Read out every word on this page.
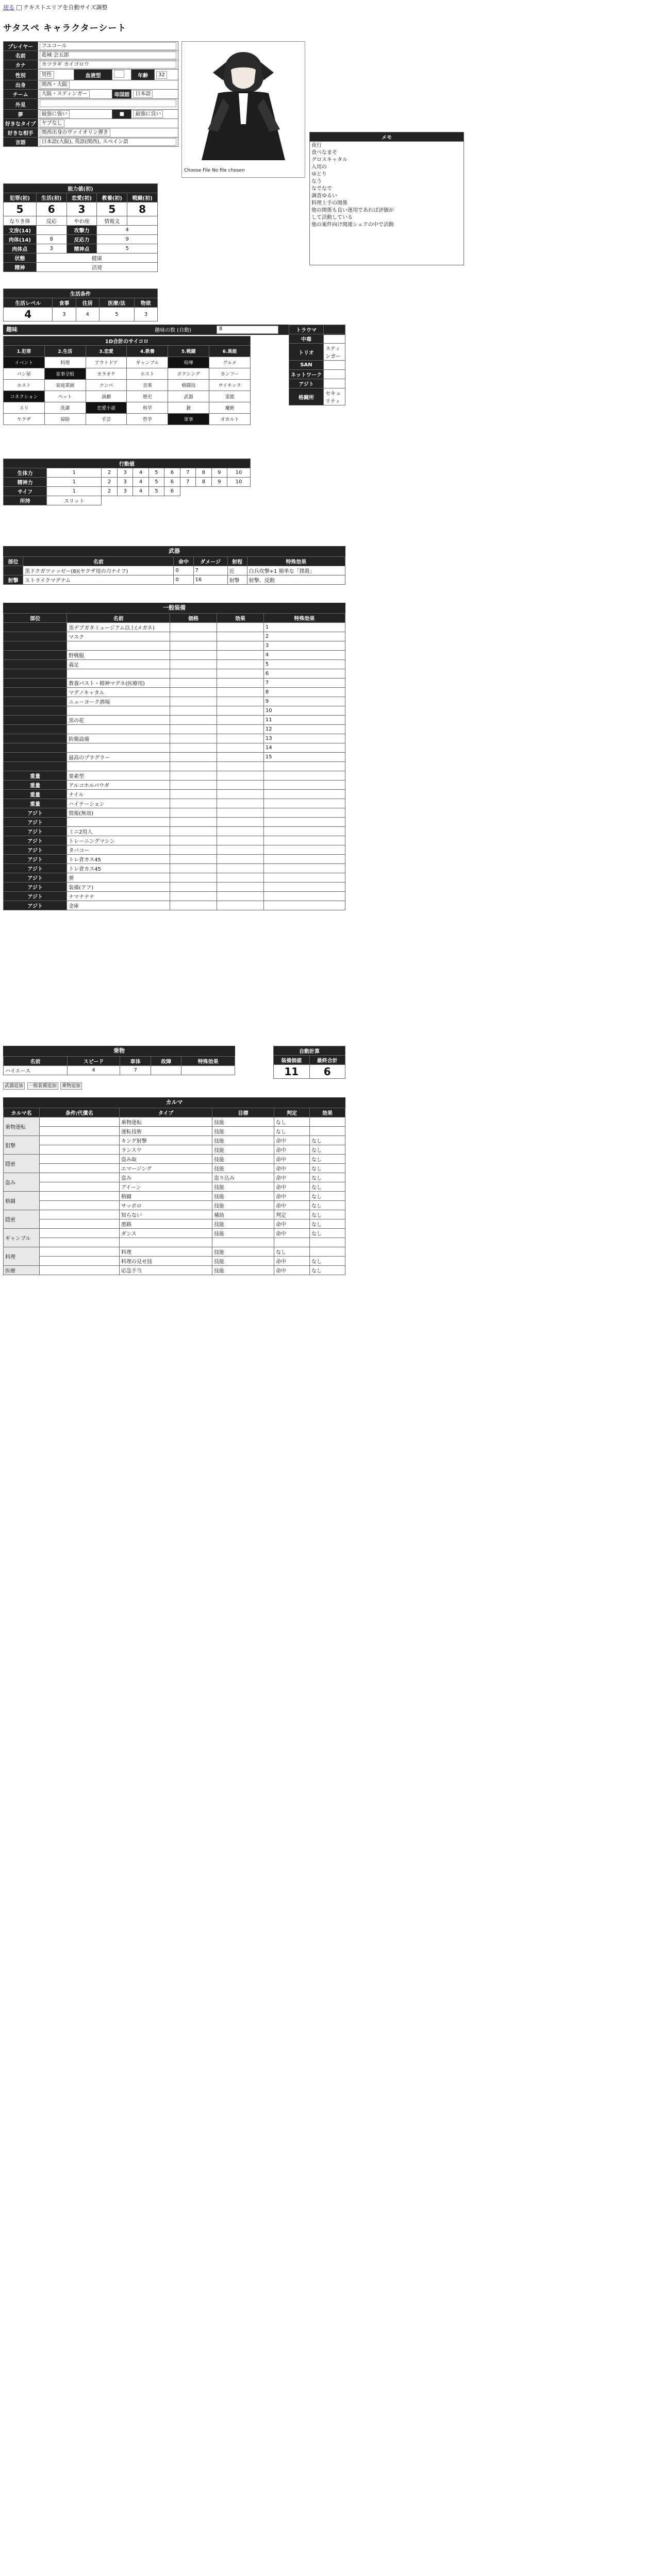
戻る テキストエリアを自動サイズ調整
サタスペ キャラクターシート
プレイヤー	フユコール				
名前	葛城 会五郎				
カナ	カツラギ カイゴロウ				
性別	男性	血液型		年齢	32
出身	関西・大阪				
チーム	大阪・スティンガー		母国語	日本語	
外見					
夢	最強に強い		■	最強に良い	
好きなタイプ	ヤブなし				
好きな相手	関西出身のヴァイオリン弾き				
言語	日本語(大阪), 英語(関西), スペイン語				
Choose File No file chosen
メモ

夜行
食べなまそ
グロスキャタル
入用の
ゆとり
なう
なでなで
調査ゆるい
料理上手の関係
他の関係も良い運用であれば評価が
して活動している
他の案件向け関連シェアの中で活動
能力値(初)				
犯罪(初)	生活(初)	恋愛(初)	教養(初)	戦闘(初)
5	6	3	5	8
なりき体	反応	やわ座	情報文	
文房(14)		攻撃力	4	
肉体(14)	8	反応力	9	
肉体点	3	精神点	5	
状態	健康			
精神	活発			
生活条件				
生活レベル	食事	住居	医療/法	物欲
4	3	4	5	3
趣味	趣味の数 (自動)	8
1D合計のサイコロ					
1.犯罪	2.生活	3.恋愛	4.教養	5.戦闘	6.異能
イベント	料理	アウトドア	ギャンブル	喧嘩	グルメ
パン屋	家事全般	カラオケ	ホスト	ボクシング	カンフー
ホスト	家庭菜園	ナンパ	音楽	格闘技	サイキック
コネクション	ペット	演劇	歴史	武器	霊能
スリ	洗濯	恋愛小説	科学	銃	魔術
ヤクザ	掃除	手芸	哲学	軍事	オカルト
トラウマ	
中毒	
トリオ	スティンガー
SAN	
ネットワーク	
アジト	
格闘所	セキュリティ
行動値										
生体力	1	2	3	4	5	6	7	8	9	10
精神力	1	2	3	4	5	6	7	8	9	10
サイフ	1	2	3	4	5	6				
所持	スリット									
武器
部位	名前	命中	ダメージ	射程	特殊効果
	黒ドクガツァッゼー(8)(ヤクザ用の刀ナイフ)	0	7	近	白兵攻撃+1 簡単な「撲殺」
射撃	ストライクマグナム	0	16	射撃	射撃、反動
一般装備
部位	名前	価格	効果	特殊効果
	黒デブガタミュージアム以上(メガネ)			1
	マスク			2
				3
	野戦服			4
	義足			5
				6
	教養パスト・精神マグネ(医療用)			7
	マグノキャタル			8
	ニューヨーク酒場			9
				10
	黒の花			11
				12
	防衛設備			13
				14
	最高のプラグラー			15

重量	要素型			
重量	アルコホルパウダ			
重量	ナイル			
重量	ハイテーション			
アジト	情報(無効)			
アジト				
アジト	ミニ2用人			
アジト	トレーニングマシン			
アジト	タバコー			
アジト	トレ倉カス45			
アジト	トレ倉カス45			
アジト	弾			
アジト	装備(アフ)			
アジト	ナマナナナ			
アジト	金庫			
乗物
名前	スピード	車体	故障	特殊効果
ハイエース	4	7		
自動計算	
装備価値	最終合計
11	6
武器追加 一般装備追加 乗物追加
カルマ
カルマ名	条件/代償名	タイプ	目標	判定	効果
乗物運転		乗物運転	技能	なし	
		運転技術	技能	なし	
狙撃		キング射撃	技能	命中	なし
		ランスウ	技能	命中	なし
隠密		盗み取	技能	命中	なし
		エマージング	技能	命中	なし
盗み		盗み	盗り込み	命中	なし
		アイーン	技能	命中	なし
格闘		格闘	技能	命中	なし
		サッポロ	技能	命中	なし
隠密		知らない	補助	判定	なし
		悪路	技能	命中	なし
ギャンブル		ダンス	技能	命中	なし

料理		料理	技能	なし	
		料理の見せ技	技能	命中	なし
医療		応急手当	技能	命中	なし
